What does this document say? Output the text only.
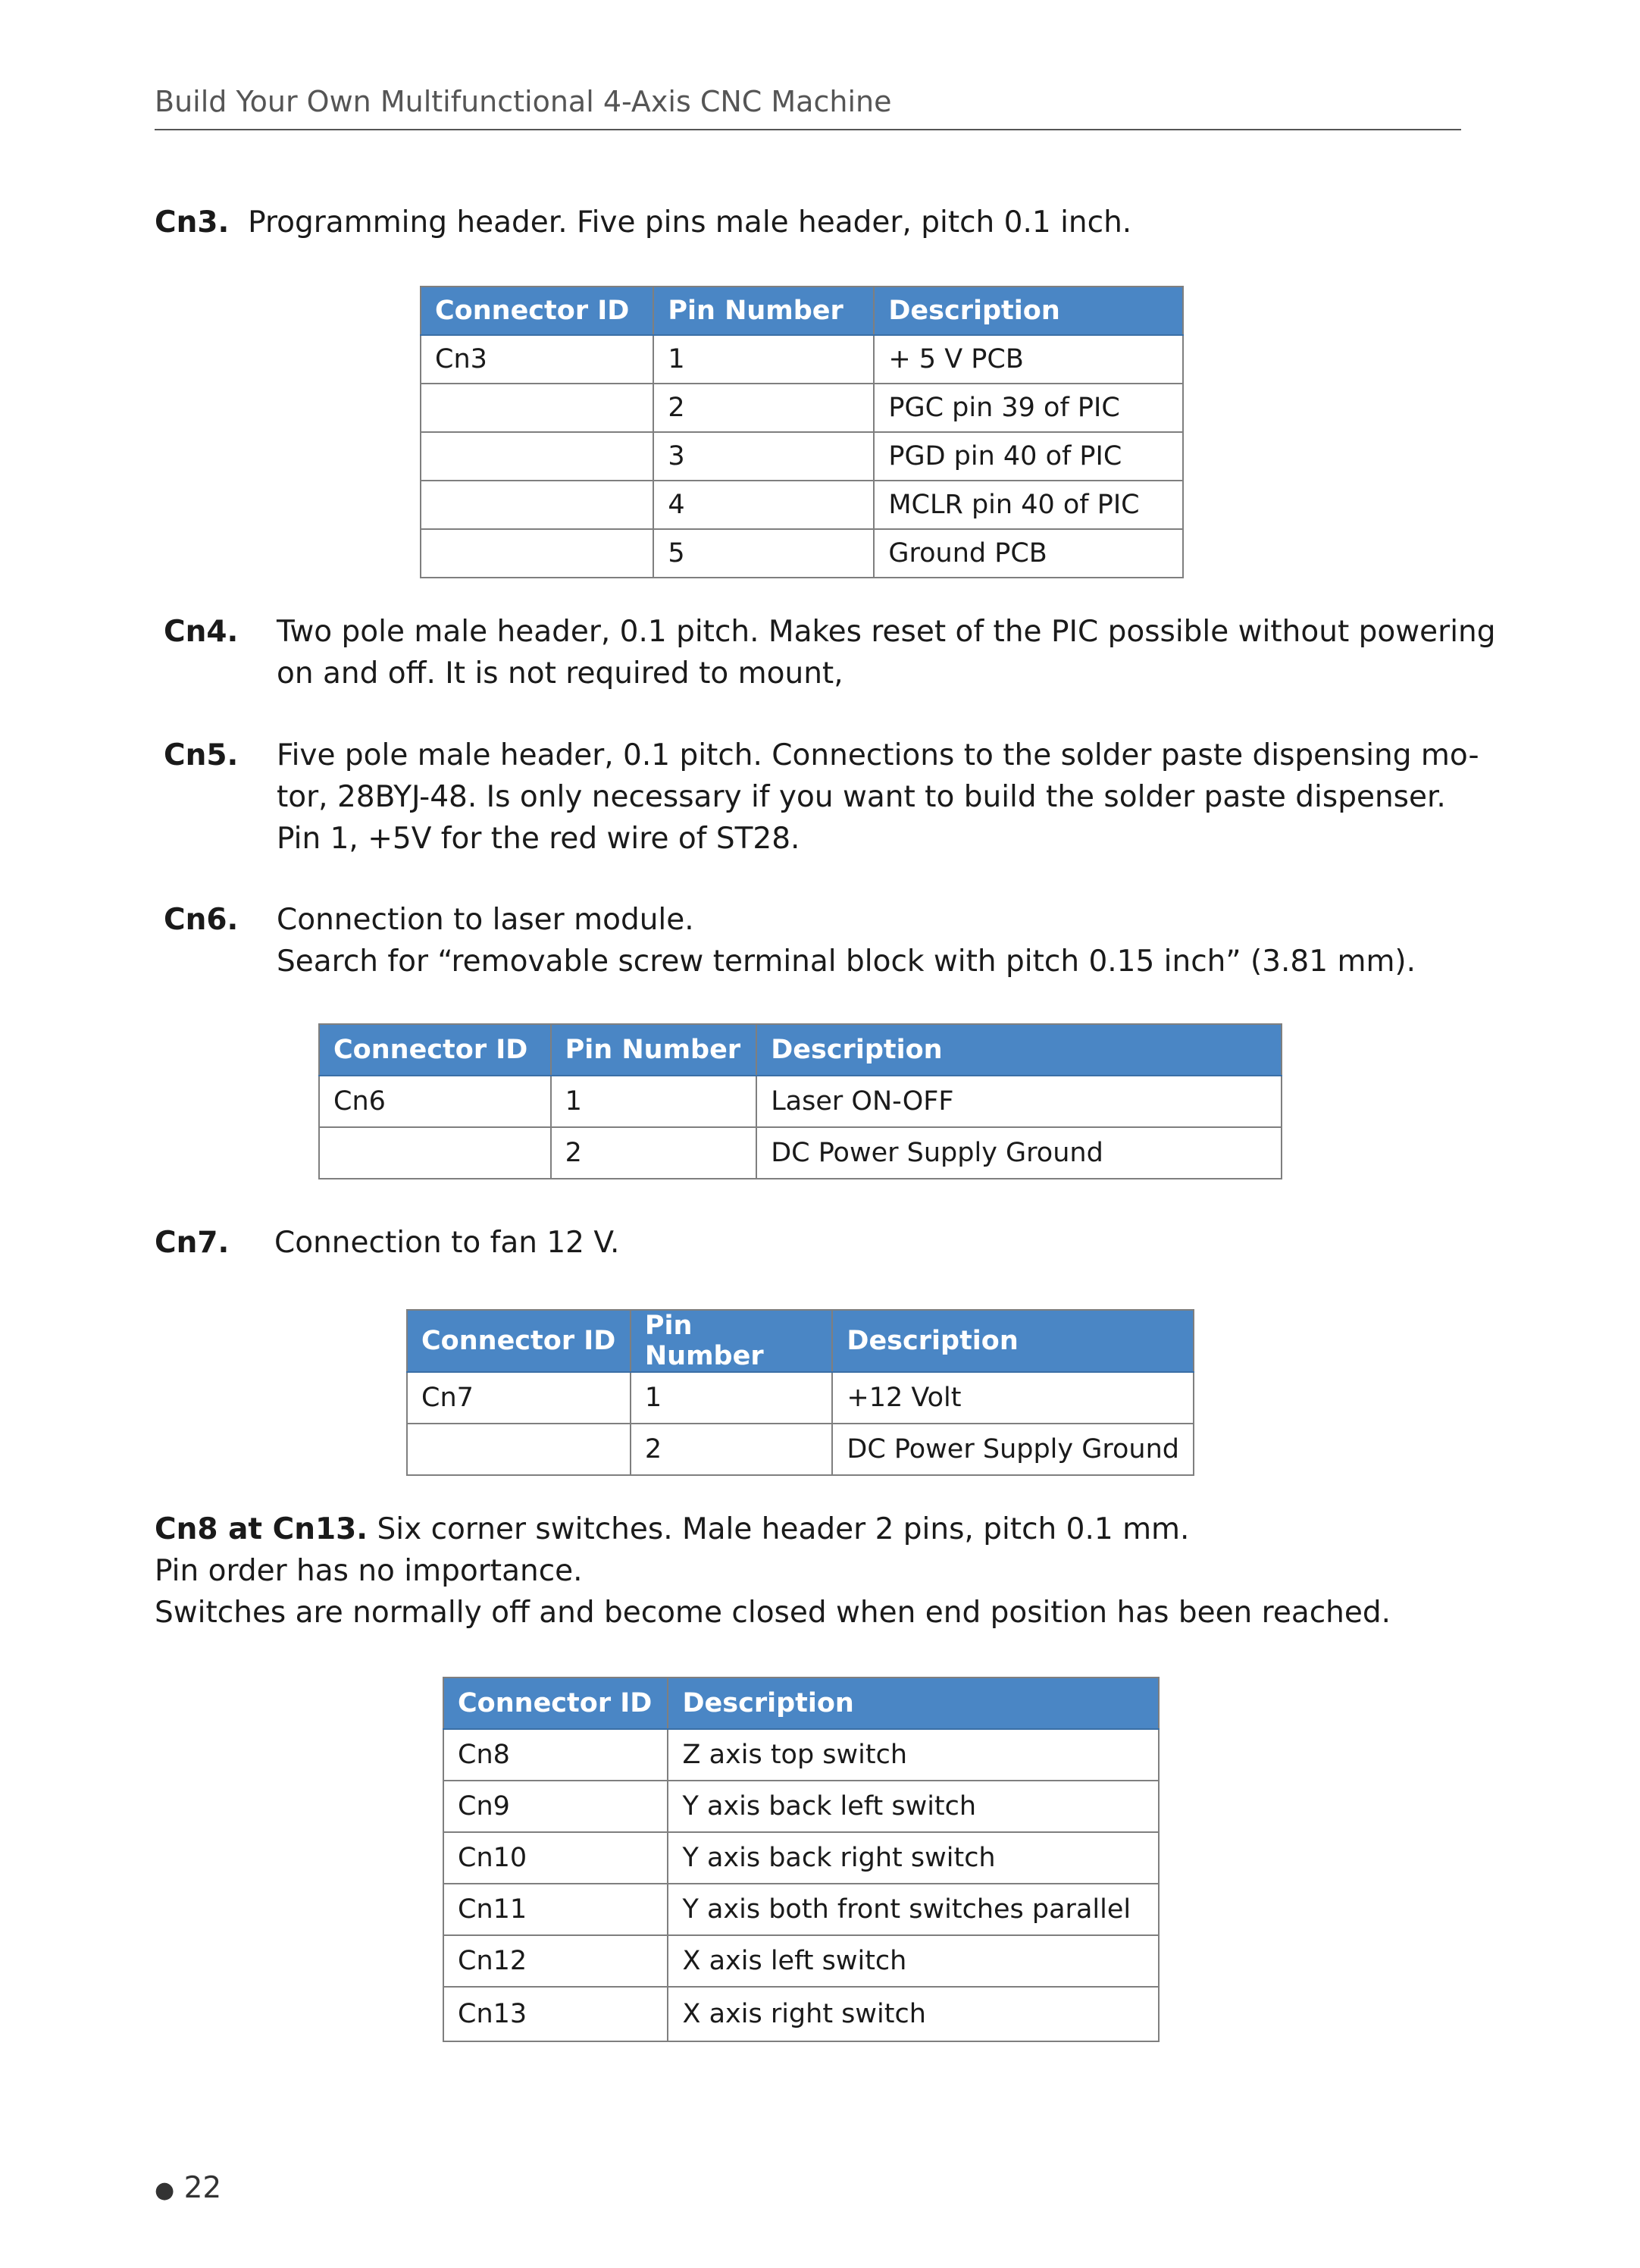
Build Your Own Multifunctional 4-Axis CNC Machine
Cn3. Programming header. Five pins male header, pitch 0.1 inch.
Connector ID	Pin Number	Description
Cn3	1	+ 5 V PCB
	2	PGC pin 39 of PIC
	3	PGD pin 40 of PIC
	4	MCLR pin 40 of PIC
	5	Ground PCB
Cn4. Two pole male header, 0.1 pitch. Makes reset of the PIC possible without powering
on and off. It is not required to mount,
Cn5. Five pole male header, 0.1 pitch. Connections to the solder paste dispensing mo-
tor, 28BYJ-48. Is only necessary if you want to build the solder paste dispenser.
Pin 1, +5V for the red wire of ST28.
Cn6. Connection to laser module.
Search for “removable screw terminal block with pitch 0.15 inch” (3.81 mm).
Connector ID	Pin Number	Description
Cn6	1	Laser ON-OFF
	2	DC Power Supply Ground
Cn7. Connection to fan 12 V.
Connector ID	Pin Number	Description
Cn7	1	+12 Volt
	2	DC Power Supply Ground
Cn8 at Cn13. Six corner switches. Male header 2 pins, pitch 0.1 mm.
Pin order has no importance.
Switches are normally off and become closed when end position has been reached.
Connector ID	Description
Cn8	Z axis top switch
Cn9	Y axis back left switch
Cn10	Y axis back right switch
Cn11	Y axis both front switches parallel
Cn12	X axis left switch
Cn13	X axis right switch
● 22
